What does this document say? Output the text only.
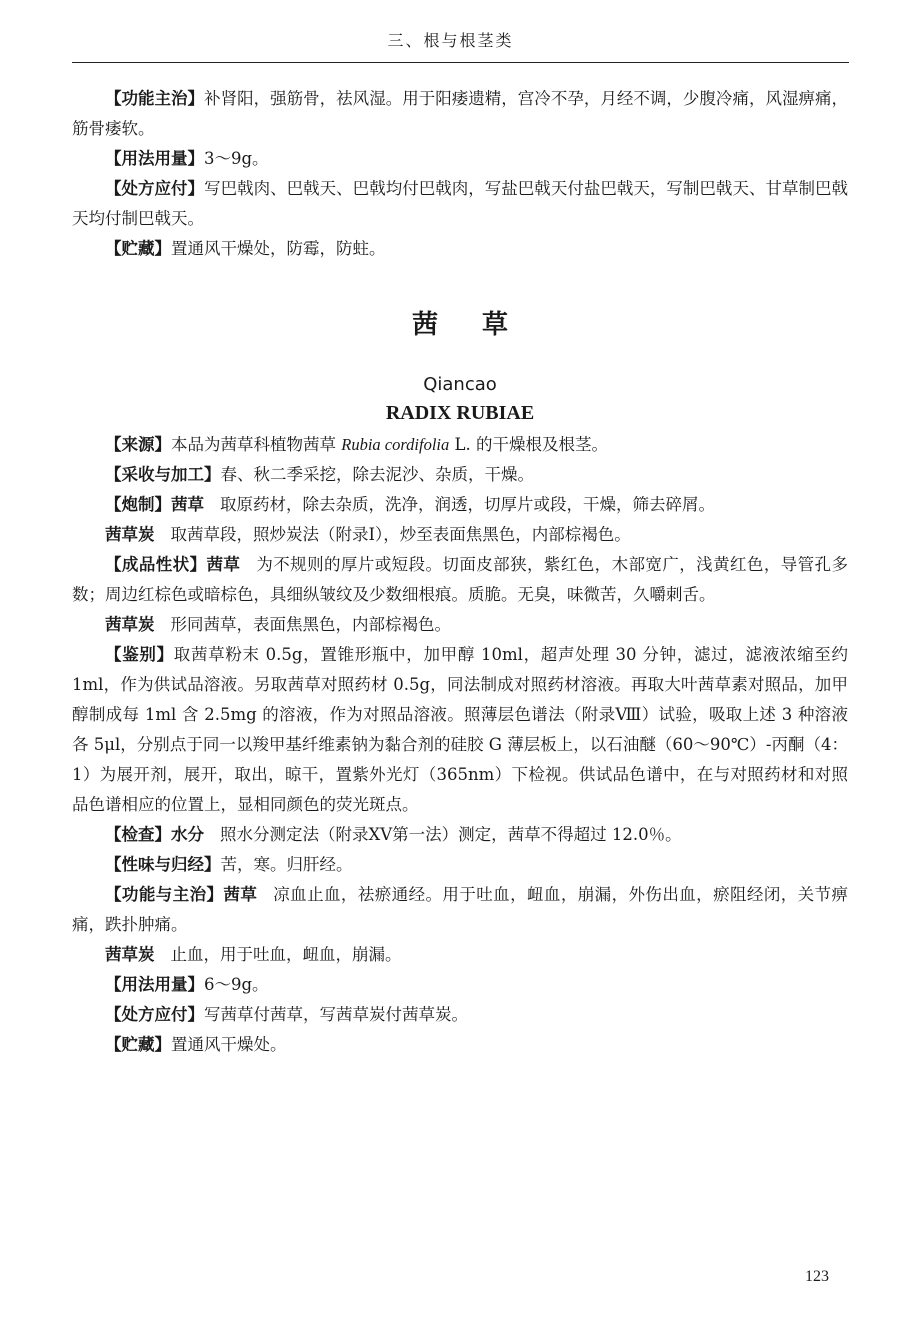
三、根与根茎类

【功能主治】补肾阳，强筋骨，祛风湿。用于阳痿遗精，宫冷不孕，月经不调，少腹冷痛，风湿痹痛，筋骨痿软。

【用法用量】3～9g。

【处方应付】写巴戟肉、巴戟天、巴戟均付巴戟肉，写盐巴戟天付盐巴戟天，写制巴戟天、甘草制巴戟天均付制巴戟天。

【贮藏】置通风干燥处，防霉，防蛀。

茜草
Qiancao
RADIX RUBIAE

【来源】本品为茜草科植物茜草 Rubia cordifolia L. 的干燥根及根茎。

【采收与加工】春、秋二季采挖，除去泥沙、杂质，干燥。

【炮制】茜草 取原药材，除去杂质，洗净，润透，切厚片或段，干燥，筛去碎屑。

茜草炭 取茜草段，照炒炭法（附录Ⅰ），炒至表面焦黑色，内部棕褐色。

【成品性状】茜草 为不规则的厚片或短段。切面皮部狭，紫红色，木部宽广，浅黄红色，导管孔多数；周边红棕色或暗棕色，具细纵皱纹及少数细根痕。质脆。无臭，味微苦，久嚼刺舌。

茜草炭 形同茜草，表面焦黑色，内部棕褐色。

【鉴别】取茜草粉末 0.5g，置锥形瓶中，加甲醇 10ml，超声处理 30 分钟，滤过，滤液浓缩至约 1ml，作为供试品溶液。另取茜草对照药材 0.5g，同法制成对照药材溶液。再取大叶茜草素对照品，加甲醇制成每 1ml 含 2.5mg 的溶液，作为对照品溶液。照薄层色谱法（附录Ⅷ）试验，吸取上述 3 种溶液各 5μl，分别点于同一以羧甲基纤维素钠为黏合剂的硅胶 G 薄层板上，以石油醚（60～90℃）-丙酮（4：1）为展开剂，展开，取出，晾干，置紫外光灯（365nm）下检视。供试品色谱中，在与对照药材和对照品色谱相应的位置上，显相同颜色的荧光斑点。

【检查】水分 照水分测定法（附录ⅩⅤ第一法）测定，茜草不得超过 12.0％。

【性味与归经】苦，寒。归肝经。

【功能与主治】茜草 凉血止血，祛瘀通经。用于吐血，衄血，崩漏，外伤出血，瘀阻经闭，关节痹痛，跌扑肿痛。

茜草炭 止血，用于吐血，衄血，崩漏。

【用法用量】6～9g。

【处方应付】写茜草付茜草，写茜草炭付茜草炭。

【贮藏】置通风干燥处。

123
